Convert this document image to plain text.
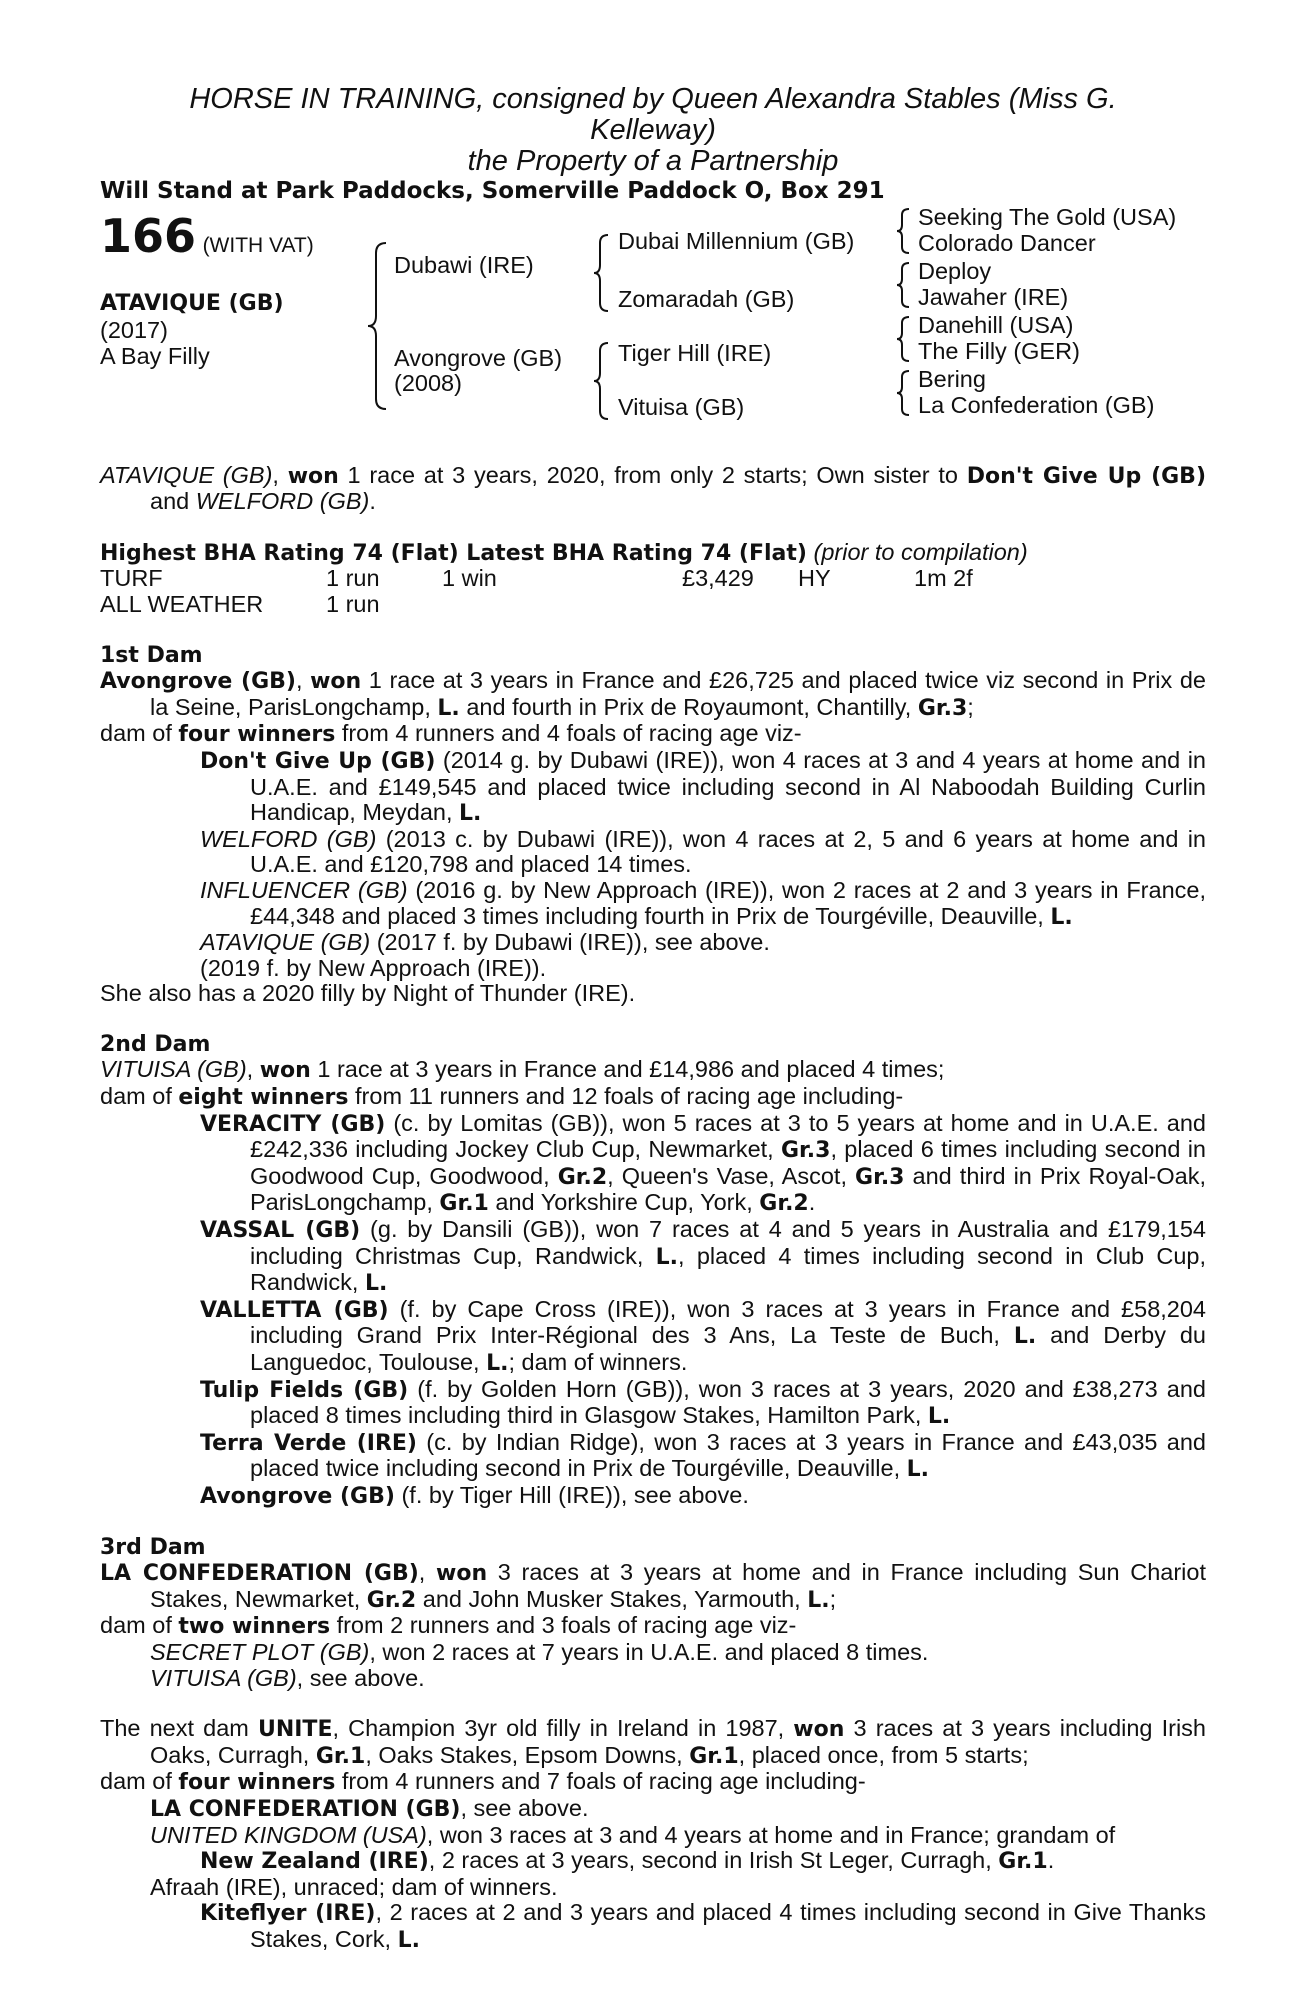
HORSE IN TRAINING, consigned by Queen Alexandra Stables (Miss G.
Kelleway)
the Property of a Partnership
Will Stand at Park Paddocks, Somerville Paddock O, Box 291
166 (WITH VAT)
ATAVIQUE (GB)
(2017)
A Bay Filly
Dubawi (IRE)
Avongrove (GB)
(2008)
Dubai Millennium (GB)
Zomaradah (GB)
Tiger Hill (IRE)
Vituisa (GB)
Seeking The Gold (USA)
Colorado Dancer
Deploy
Jawaher (IRE)
Danehill (USA)
The Filly (GER)
Bering
La Confederation (GB)

ATAVIQUE (GB), won 1 race at 3 years, 2020, from only 2 starts; Own sister to Don't Give Up (GB) and WELFORD (GB).

Highest BHA Rating 74 (Flat) Latest BHA Rating 74 (Flat) (prior to compilation)

TURF	1 run	1 win	£3,429	HY	1m 2f
ALL WEATHER	1 run
1st Dam

Avongrove (GB), won 1 race at 3 years in France and £26,725 and placed twice viz second in Prix de la Seine, ParisLongchamp, L. and fourth in Prix de Royaumont, Chantilly, Gr.3;

dam of four winners from 4 runners and 4 foals of racing age viz-

Don't Give Up (GB) (2014 g. by Dubawi (IRE)), won 4 races at 3 and 4 years at home and in U.A.E. and £149,545 and placed twice including second in Al Naboodah Building Curlin Handicap, Meydan, L.

WELFORD (GB) (2013 c. by Dubawi (IRE)), won 4 races at 2, 5 and 6 years at home and in U.A.E. and £120,798 and placed 14 times.

INFLUENCER (GB) (2016 g. by New Approach (IRE)), won 2 races at 2 and 3 years in France, £44,348 and placed 3 times including fourth in Prix de Tourgéville, Deauville, L.

ATAVIQUE (GB) (2017 f. by Dubawi (IRE)), see above.

(2019 f. by New Approach (IRE)).

She also has a 2020 filly by Night of Thunder (IRE).

2nd Dam

VITUISA (GB), won 1 race at 3 years in France and £14,986 and placed 4 times;

dam of eight winners from 11 runners and 12 foals of racing age including-

VERACITY (GB) (c. by Lomitas (GB)), won 5 races at 3 to 5 years at home and in U.A.E. and £242,336 including Jockey Club Cup, Newmarket, Gr.3, placed 6 times including second in Goodwood Cup, Goodwood, Gr.2, Queen's Vase, Ascot, Gr.3 and third in Prix Royal-Oak, ParisLongchamp, Gr.1 and Yorkshire Cup, York, Gr.2.

VASSAL (GB) (g. by Dansili (GB)), won 7 races at 4 and 5 years in Australia and £179,154 including Christmas Cup, Randwick, L., placed 4 times including second in Club Cup, Randwick, L.

VALLETTA (GB) (f. by Cape Cross (IRE)), won 3 races at 3 years in France and £58,204 including Grand Prix Inter-Régional des 3 Ans, La Teste de Buch, L. and Derby du Languedoc, Toulouse, L.; dam of winners.

Tulip Fields (GB) (f. by Golden Horn (GB)), won 3 races at 3 years, 2020 and £38,273 and placed 8 times including third in Glasgow Stakes, Hamilton Park, L.

Terra Verde (IRE) (c. by Indian Ridge), won 3 races at 3 years in France and £43,035 and placed twice including second in Prix de Tourgéville, Deauville, L.

Avongrove (GB) (f. by Tiger Hill (IRE)), see above.

3rd Dam

LA CONFEDERATION (GB), won 3 races at 3 years at home and in France including Sun Chariot Stakes, Newmarket, Gr.2 and John Musker Stakes, Yarmouth, L.;

dam of two winners from 2 runners and 3 foals of racing age viz-

SECRET PLOT (GB), won 2 races at 7 years in U.A.E. and placed 8 times.

VITUISA (GB), see above.

The next dam UNITE, Champion 3yr old filly in Ireland in 1987, won 3 races at 3 years including Irish Oaks, Curragh, Gr.1, Oaks Stakes, Epsom Downs, Gr.1, placed once, from 5 starts;

dam of four winners from 4 runners and 7 foals of racing age including-

LA CONFEDERATION (GB), see above.

UNITED KINGDOM (USA), won 3 races at 3 and 4 years at home and in France; grandam of

New Zealand (IRE), 2 races at 3 years, second in Irish St Leger, Curragh, Gr.1.

Afraah (IRE), unraced; dam of winners.

Kiteflyer (IRE), 2 races at 2 and 3 years and placed 4 times including second in Give Thanks Stakes, Cork, L.
